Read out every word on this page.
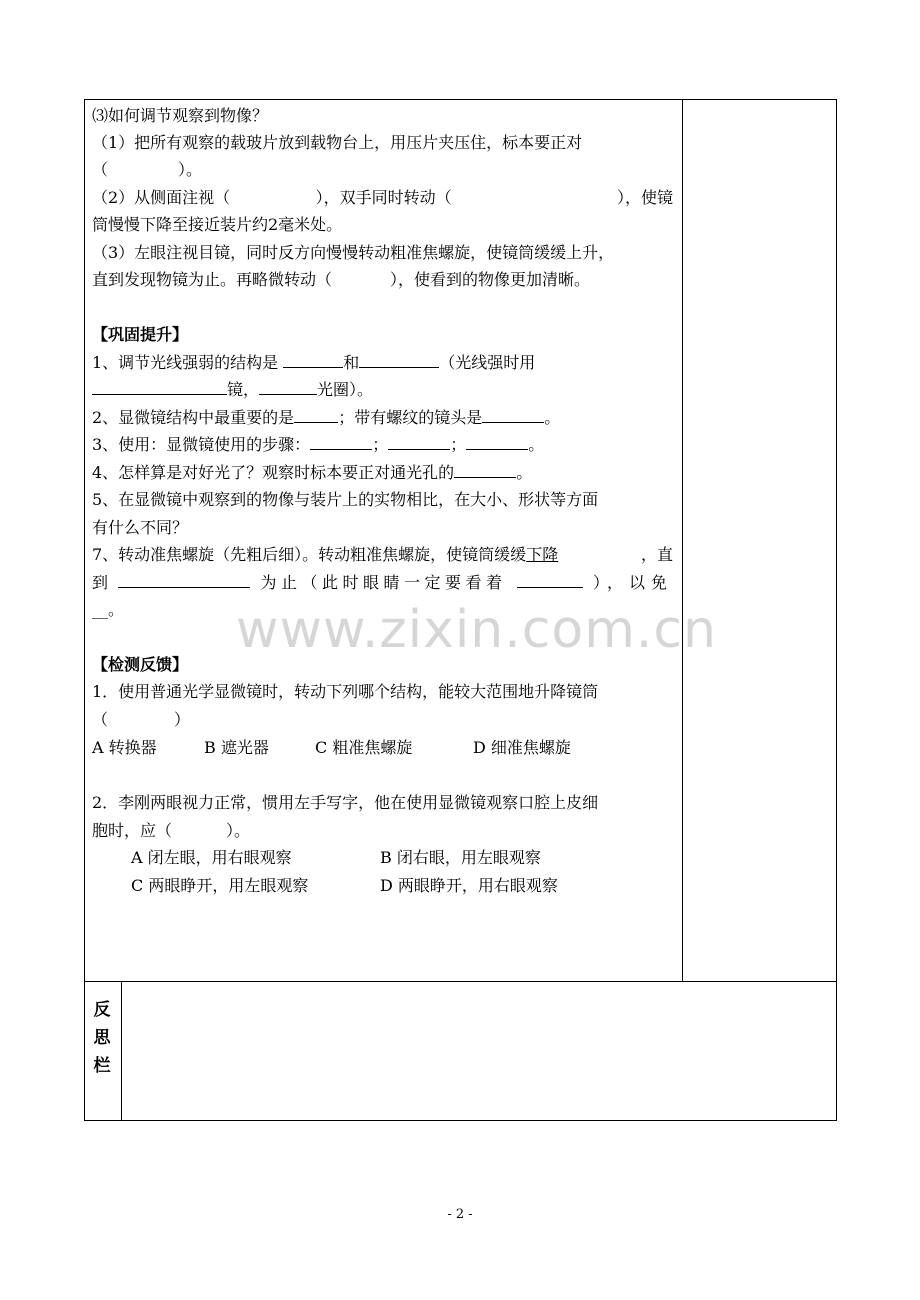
www.zixin.com.cn
⑶如何调节观察到物像？
（1）把所有观察的载玻片放到载物台上，用压片夹压住，标本要正对
（	）。
（2）从侧面注视（	），双手同时转动（	），使镜
筒慢慢下降至接近装片约2毫米处。
（3）左眼注视目镜，同时反方向慢慢转动粗准焦螺旋，使镜筒缓缓上升，
直到发现物镜为止。再略微转动（	），使看到的物像更加清晰。
【巩固提升】
1、调节光线强弱的结构是	和	（光线强时用
镜，	光圈）。
2、显微镜结构中最重要的是	；带有螺纹的镜头是	。
3、使用：显微镜使用的步骤：	；	；	。
4、怎样算是对好光了？观察时标本要正对通光孔的	。
5、在显微镜中观察到的物像与装片上的实物相比，在大小、形状等方面
有什么不同？
7、转动准焦螺旋（先粗后细）。转动粗准焦螺旋，使镜筒缓缓下降	，直
到	为止（此时眼睛一定要看着	），以免
__。
【检测反馈】
1．使用普通光学显微镜时，转动下列哪个结构，能较大范围地升降镜筒
（	）
A 转换器	B 遮光器	C 粗准焦螺旋	D 细准焦螺旋
2．李刚两眼视力正常，惯用左手写字，他在使用显微镜观察口腔上皮细
胞时，应（	）。
A 闭左眼，用右眼观察	B 闭右眼，用左眼观察
C 两眼睁开，用左眼观察	D 两眼睁开，用右眼观察
反
思
栏
- 2 -
